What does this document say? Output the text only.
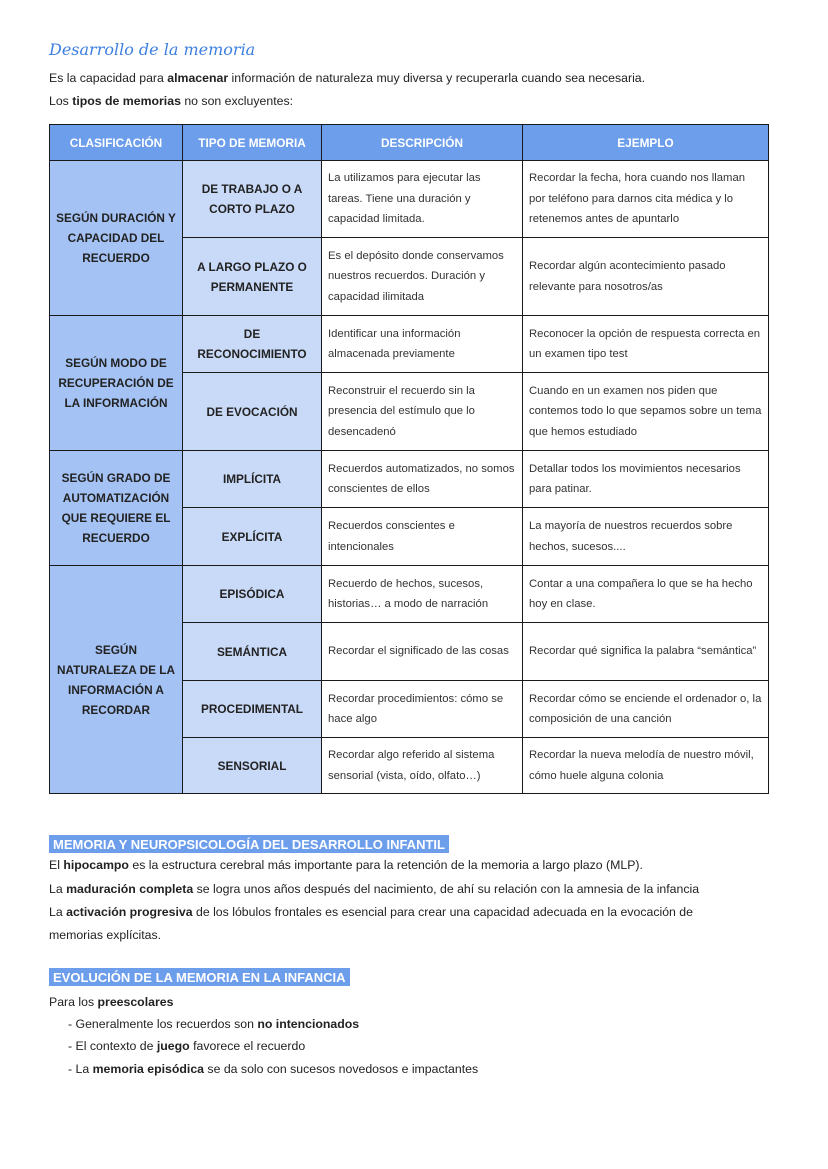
Desarrollo de la memoria
Es la capacidad para almacenar información de naturaleza muy diversa y recuperarla cuando sea necesaria.
Los tipos de memorias no son excluyentes:
CLASIFICACIÓN	TIPO DE MEMORIA	DESCRIPCIÓN	EJEMPLO
SEGÚN DURACIÓN Y CAPACIDAD DEL RECUERDO	DE TRABAJO O A CORTO PLAZO	La utilizamos para ejecutar las tareas. Tiene una duración y capacidad limitada.	Recordar la fecha, hora cuando nos llaman por teléfono para darnos cita médica y lo retenemos antes de apuntarlo
	A LARGO PLAZO O PERMANENTE	Es el depósito donde conservamos nuestros recuerdos. Duración y capacidad ilimitada	Recordar algún acontecimiento pasado relevante para nosotros/as
SEGÚN MODO DE RECUPERACIÓN DE LA INFORMACIÓN	DE RECONOCIMIENTO	Identificar una información almacenada previamente	Reconocer la opción de respuesta correcta en un examen tipo test
	DE EVOCACIÓN	Reconstruir el recuerdo sin la presencia del estímulo que lo desencadenó	Cuando en un examen nos piden que contemos todo lo que sepamos sobre un tema que hemos estudiado
SEGÚN GRADO DE AUTOMATIZACIÓN QUE REQUIERE EL RECUERDO	IMPLÍCITA	Recuerdos automatizados, no somos conscientes de ellos	Detallar todos los movimientos necesarios para patinar.
	EXPLÍCITA	Recuerdos conscientes e intencionales	La mayoría de nuestros recuerdos sobre hechos, sucesos....
SEGÚN NATURALEZA DE LA INFORMACIÓN A RECORDAR	EPISÓDICA	Recuerdo de hechos, sucesos, historias… a modo de narración	Contar a una compañera lo que se ha hecho hoy en clase.
	SEMÁNTICA	Recordar el significado de las cosas	Recordar qué significa la palabra “semántica”
	PROCEDIMENTAL	Recordar procedimientos: cómo se hace algo	Recordar cómo se enciende el ordenador o, la composición de una canción
	SENSORIAL	Recordar algo referido al sistema sensorial (vista, oído, olfato…)	Recordar la nueva melodía de nuestro móvil, cómo huele alguna colonia
MEMORIA Y NEUROPSICOLOGÍA DEL DESARROLLO INFANTIL
El hipocampo es la estructura cerebral más importante para la retención de la memoria a largo plazo (MLP).
La maduración completa se logra unos años después del nacimiento, de ahí su relación con la amnesia de la infancia
La activación progresiva de los lóbulos frontales es esencial para crear una capacidad adecuada en la evocación de
memorias explícitas.
EVOLUCIÓN DE LA MEMORIA EN LA INFANCIA
Para los preescolares
- Generalmente los recuerdos son no intencionados
- El contexto de juego favorece el recuerdo
- La memoria episódica se da solo con sucesos novedosos e impactantes
